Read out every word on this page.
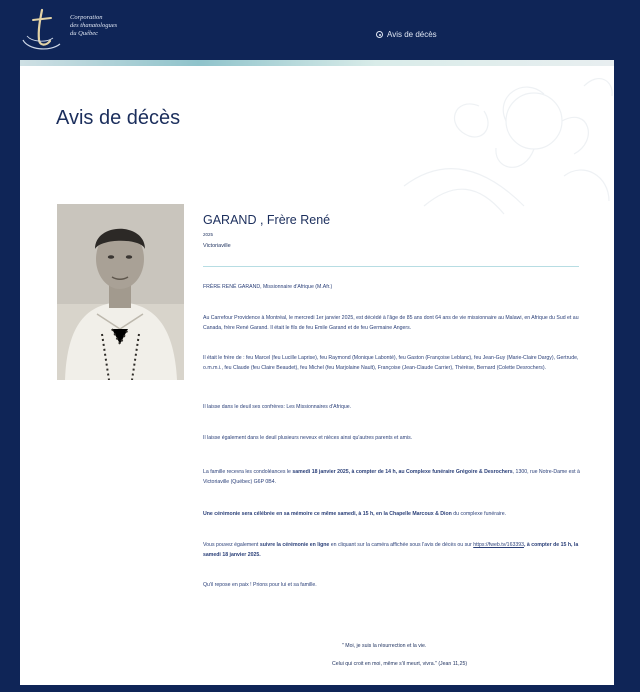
Corporation
des thanatologues
du Québec	Avis de décès
Avis de décès
GARAND , Frère René
2025
Victoriaville

FRÈRE RENÉ GARAND, Missionnaire d'Afrique (M.Afr.)

Au Carrefour Providence à Montréal, le mercredi 1er janvier 2025, est décédé à l'âge de 85 ans dont 64 ans de vie missionnaire au Malawi, en Afrique du Sud et au Canada, frère René Garand. Il était le fils de feu Emile Garand et de feu Germaine Angers.

Il était le frère de : feu Marcel (feu Lucille Laprise), feu Raymond (Monique Labonté), feu Gaston (Françoise Leblanc), feu Jean-Guy (Marie-Claire Dargy), Gertrude, o.m.m.i., feu Claude (feu Claire Beaudet), feu Michel (feu Marjolaine Nault), Françoise (Jean-Claude Carrier), Thérèse, Bernard (Colette Desrochers).

Il laisse dans le deuil ses confrères: Les Missionnaires d'Afrique.

Il laisse également dans le deuil plusieurs neveux et nièces ainsi qu'autres parents et amis.

La famille recevra les condoléances le samedi 18 janvier 2025, à compter de 14 h, au Complexe funéraire Grégoire & Desrochers, 1300, rue Notre-Dame est à Victoriaville (Québec) G6P 0B4.

Une cérémonie sera célébrée en sa mémoire ce même samedi, à 15 h, en la Chapelle Marcoux & Dion du complexe funéraire.

Vous pouvez également suivre la cérémonie en ligne en cliquant sur la caméra affichée sous l'avis de décès ou sur https://fweb.tv/163393, à compter de 15 h, la samedi 18 janvier 2025.

Qu'il repose en paix ! Prions pour lui et sa famille.

" Moi, je suis la résurrection et la vie.
Celui qui croit en moi, même s'il meurt, vivra." (Jean 11,25)
